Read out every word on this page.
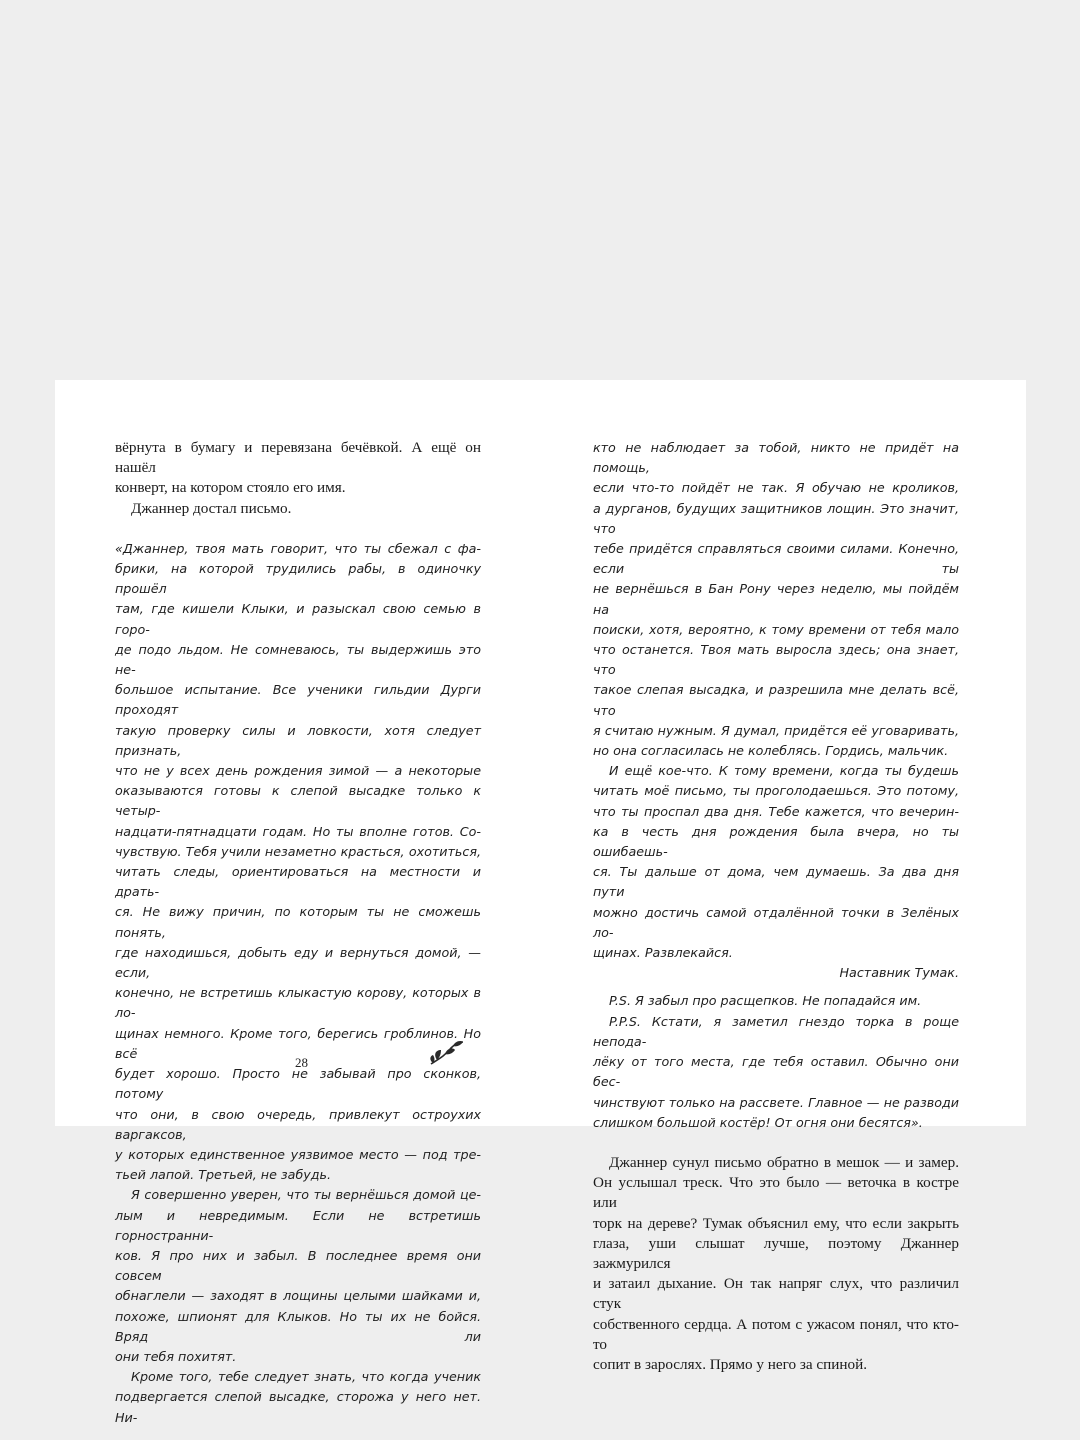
вёрнута в бумагу и перевязана бечёвкой. А ещё он нашёл
конверт, на котором стояло его имя.
Джаннер достал письмо.
«Джаннер, твоя мать говорит, что ты сбежал с фа-
брики, на которой трудились рабы, в одиночку прошёл
там, где кишели Клыки, и разыскал свою семью в горо-
де подо льдом. Не сомневаюсь, ты выдержишь это не-
большое испытание. Все ученики гильдии Дурги проходят
такую проверку силы и ловкости, хотя следует признать,
что не у всех день рождения зимой — а некоторые
оказываются готовы к слепой высадке только к четыр-
надцати-пятнадцати годам. Но ты вполне готов. Со-
чувствую. Тебя учили незаметно красться, охотиться,
читать следы, ориентироваться на местности и драть-
ся. Не вижу причин, по которым ты не сможешь понять,
где находишься, добыть еду и вернуться домой, — если,
конечно, не встретишь клыкастую корову, которых в ло-
щинах немного. Кроме того, берегись гроблинов. Но всё
будет хорошо. Просто не забывай про сконков, потому
что они, в свою очередь, привлекут остроухих варгаксов,
у которых единственное уязвимое место — под тре-
тьей лапой. Третьей, не забудь.
Я совершенно уверен, что ты вернёшься домой це-
лым и невредимым. Если не встретишь горностранни-
ков. Я про них и забыл. В последнее время они совсем
обнаглели — заходят в лощины целыми шайками и,
похоже, шпионят для Клыков. Но ты их не бойся. Вряд ли
они тебя похитят.
Кроме того, тебе следует знать, что когда ученик
подвергается слепой высадке, сторожа у него нет. Ни-
28
кто не наблюдает за тобой, никто не придёт на помощь,
если что-то пойдёт не так. Я обучаю не кроликов,
а дурганов, будущих защитников лощин. Это значит, что
тебе придётся справляться своими силами. Конечно, если ты
не вернёшься в Бан Рону через неделю, мы пойдём на
поиски, хотя, вероятно, к тому времени от тебя мало
что останется. Твоя мать выросла здесь; она знает, что
такое слепая высадка, и разрешила мне делать всё, что
я считаю нужным. Я думал, придётся её уговаривать,
но она согласилась не колеблясь. Гордись, мальчик.
И ещё кое-что. К тому времени, когда ты будешь
читать моё письмо, ты проголодаешься. Это потому,
что ты проспал два дня. Тебе кажется, что вечерин-
ка в честь дня рождения была вчера, но ты ошибаешь-
ся. Ты дальше от дома, чем думаешь. За два дня пути
можно достичь самой отдалённой точки в Зелёных ло-
щинах. Развлекайся.
Наставник Тумак.
P.S. Я забыл про расщепков. Не попадайся им.
P.P.S. Кстати, я заметил гнездо торка в роще непода-
лёку от того места, где тебя оставил. Обычно они бес-
чинствуют только на рассвете. Главное — не разводи
слишком большой костёр! От огня они бесятся».
Джаннер сунул письмо обратно в мешок — и замер.
Он услышал треск. Что это было — веточка в костре или
торк на дереве? Тумак объяснил ему, что если закрыть
глаза, уши слышат лучше, поэтому Джаннер зажмурился
и затаил дыхание. Он так напряг слух, что различил стук
собственного сердца. А потом с ужасом понял, что кто-то
сопит в зарослях. Прямо у него за спиной.
